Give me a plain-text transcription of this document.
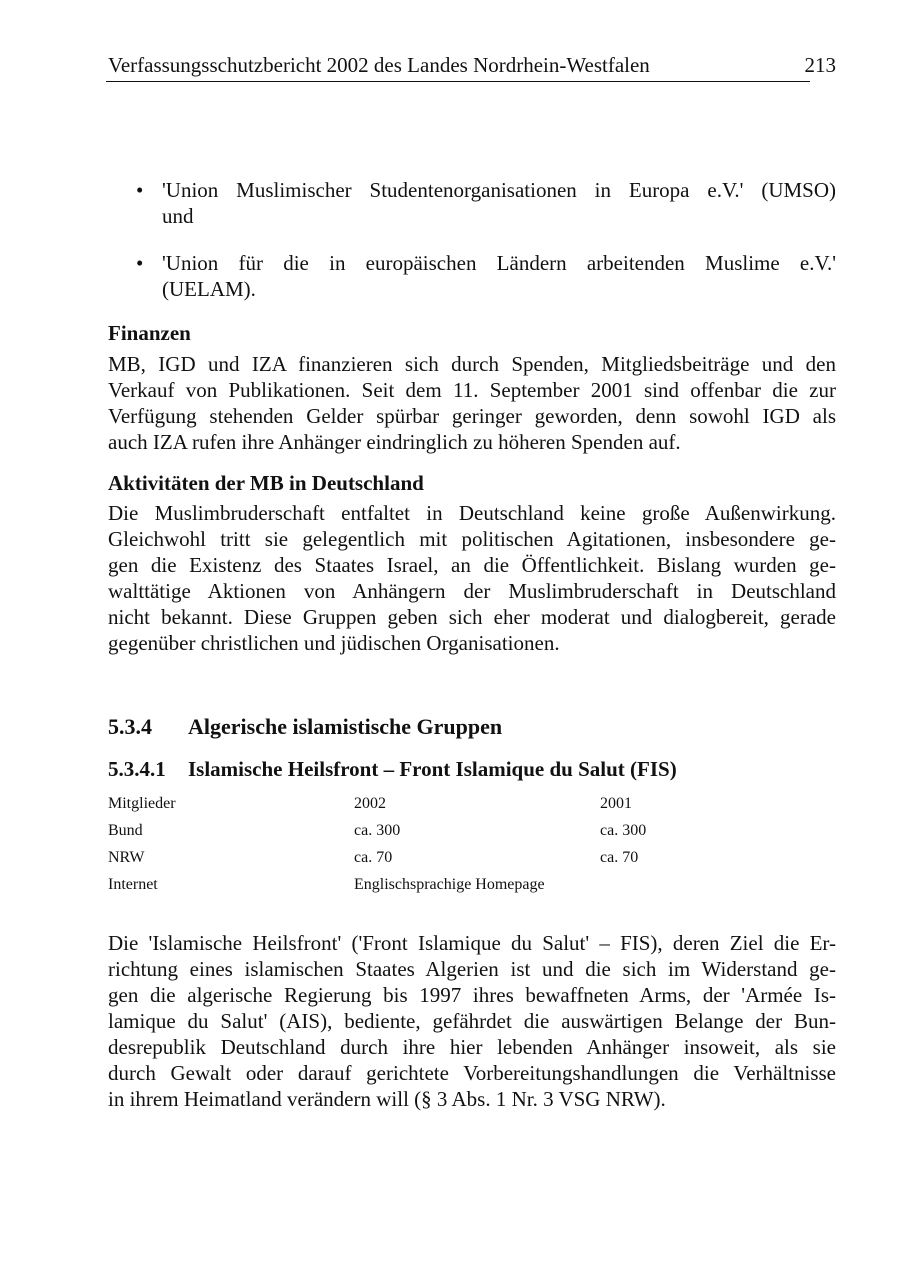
Verfassungsschutzbericht 2002 des Landes Nordrhein-Westfalen	213
• 'Union Muslimischer Studentenorganisationen in Europa e.V.' (UMSO)
und
• 'Union für die in europäischen Ländern arbeitenden Muslime e.V.'
(UELAM).
Finanzen
MB, IGD und IZA finanzieren sich durch Spenden, Mitgliedsbeiträge und den
Verkauf von Publikationen. Seit dem 11. September 2001 sind offenbar die zur
Verfügung stehenden Gelder spürbar geringer geworden, denn sowohl IGD als
auch IZA rufen ihre Anhänger eindringlich zu höheren Spenden auf.
Aktivitäten der MB in Deutschland
Die Muslimbruderschaft entfaltet in Deutschland keine große Außenwirkung.
Gleichwohl tritt sie gelegentlich mit politischen Agitationen, insbesondere ge-
gen die Existenz des Staates Israel, an die Öffentlichkeit. Bislang wurden ge-
walttätige Aktionen von Anhängern der Muslimbruderschaft in Deutschland
nicht bekannt. Diese Gruppen geben sich eher moderat und dialogbereit, gerade
gegenüber christlichen und jüdischen Organisationen.
5.3.4	Algerische islamistische Gruppen
5.3.4.1	Islamische Heilsfront – Front Islamique du Salut (FIS)
Mitglieder	2002	2001
Bund	ca. 300	ca. 300
NRW	ca. 70	ca. 70
Internet	Englischsprachige Homepage
Die 'Islamische Heilsfront' ('Front Islamique du Salut' – FIS), deren Ziel die Er-
richtung eines islamischen Staates Algerien ist und die sich im Widerstand ge-
gen die algerische Regierung bis 1997 ihres bewaffneten Arms, der 'Armée Is-
lamique du Salut' (AIS), bediente, gefährdet die auswärtigen Belange der Bun-
desrepublik Deutschland durch ihre hier lebenden Anhänger insoweit, als sie
durch Gewalt oder darauf gerichtete Vorbereitungshandlungen die Verhältnisse
in ihrem Heimatland verändern will (§ 3 Abs. 1 Nr. 3 VSG NRW).
